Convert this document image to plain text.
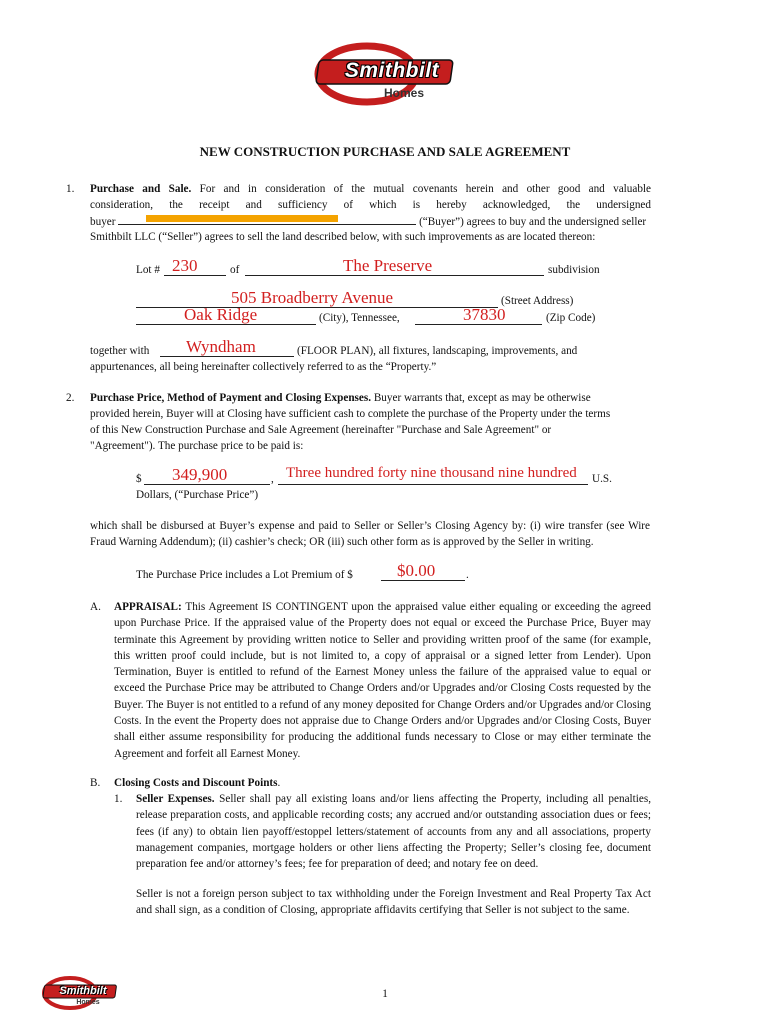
Smithbilt
Homes
NEW CONSTRUCTION PURCHASE AND SALE AGREEMENT
1. Purchase and Sale. For and in consideration of the mutual covenants herein and other good and valuable
consideration, the receipt and sufficiency of which is hereby acknowledged, the undersigned
buyer	(“Buyer”) agrees to buy and the undersigned seller
Smithbilt LLC (“Seller”) agrees to sell the land described below, with such improvements as are located thereon:
Lot # 230	of	The Preserve	subdivision
505 Broadberry Avenue	(Street Address)
Oak Ridge	(City), Tennessee,	37830	(Zip Code)
together with Wyndham	(FLOOR PLAN), all fixtures, landscaping, improvements, and
appurtenances, all being hereinafter collectively referred to as the “Property.”
2. Purchase Price, Method of Payment and Closing Expenses. Buyer warrants that, except as may be otherwise
provided herein, Buyer will at Closing have sufficient cash to complete the purchase of the Property under the terms
of this New Construction Purchase and Sale Agreement (hereinafter "Purchase and Sale Agreement" or
"Agreement"). The purchase price to be paid is:
$ 349,900	, Three hundred forty nine thousand nine hundred U.S.
Dollars, (“Purchase Price”)
which shall be disbursed at Buyer’s expense and paid to Seller or Seller’s Closing Agency by: (i) wire transfer (see Wire Fraud Warning Addendum); (ii) cashier’s check; OR (iii) such other form as is approved by the Seller in writing.
The Purchase Price includes a Lot Premium of $	$0.00	.
A. APPRAISAL: This Agreement IS CONTINGENT upon the appraised value either equaling or exceeding the agreed upon Purchase Price. If the appraised value of the Property does not equal or exceed the Purchase Price, Buyer may terminate this Agreement by providing written notice to Seller and providing written proof of the same (for example, this written proof could include, but is not limited to, a copy of appraisal or a signed letter from Lender). Upon Termination, Buyer is entitled to refund of the Earnest Money unless the failure of the appraised value to equal or exceed the Purchase Price may be attributed to Change Orders and/or Upgrades and/or Closing Costs requested by the Buyer. The Buyer is not entitled to a refund of any money deposited for Change Orders and/or Upgrades and/or Closing Costs. In the event the Property does not appraise due to Change Orders and/or Upgrades and/or Closing Costs, Buyer shall either assume responsibility for producing the additional funds necessary to Close or may either terminate the Agreement and forfeit all Earnest Money.
B. Closing Costs and Discount Points.
1. Seller Expenses. Seller shall pay all existing loans and/or liens affecting the Property, including all penalties, release preparation costs, and applicable recording costs; any accrued and/or outstanding association dues or fees; fees (if any) to obtain lien payoff/estoppel letters/statement of accounts from any and all associations, property management companies, mortgage holders or other liens affecting the Property; Seller’s closing fee, document preparation fee and/or attorney’s fees; fee for preparation of deed; and notary fee on deed.
Seller is not a foreign person subject to tax withholding under the Foreign Investment and Real Property Tax Act and shall sign, as a condition of Closing, appropriate affidavits certifying that Seller is not subject to the same.
Smithbilt
Homes
1
